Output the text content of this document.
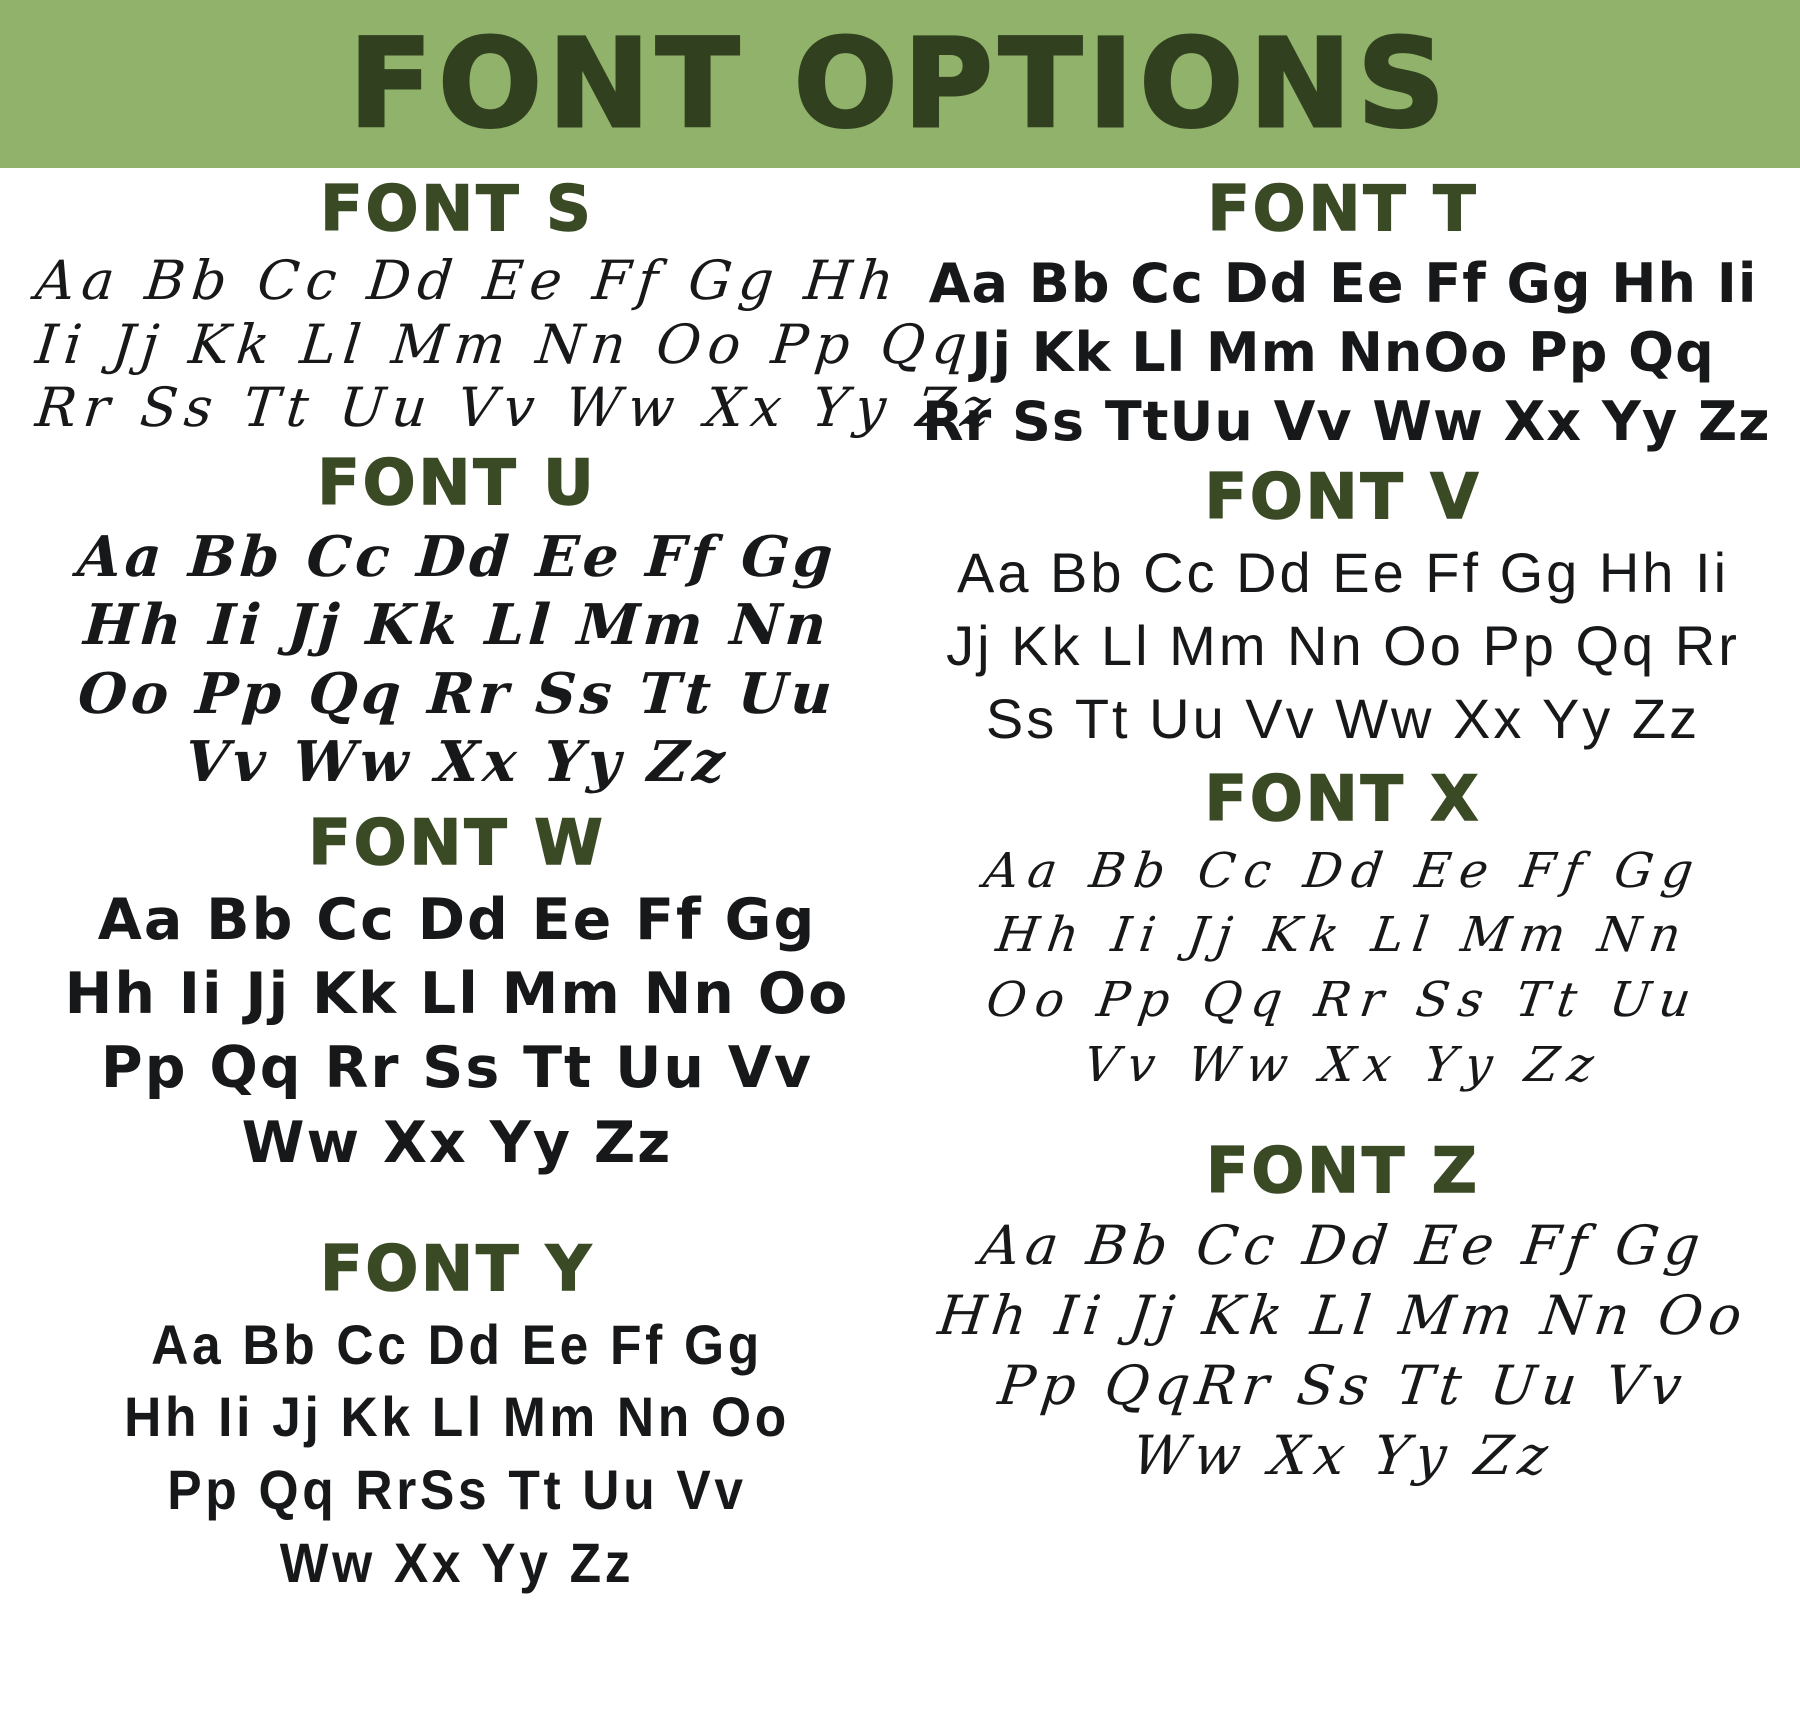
FONT OPTIONS
FONT S
Aa Bb Cc Dd Ee Ff Gg Hh
Ii Jj Kk Ll Mm Nn Oo Pp Qq
Rr Ss Tt Uu Vv Ww Xx Yy Zz
FONT U
Aa Bb Cc Dd Ee Ff Gg
Hh Ii Jj Kk Ll Mm Nn
Oo Pp Qq Rr Ss Tt Uu
Vv Ww Xx Yy Zz
FONT W
Aa Bb Cc Dd Ee Ff Gg
Hh Ii Jj Kk Ll Mm Nn Oo
Pp Qq Rr Ss Tt Uu Vv
Ww Xx Yy Zz
FONT Y
Aa Bb Cc Dd Ee Ff Gg
Hh Ii Jj Kk Ll Mm Nn Oo
Pp Qq RrSs Tt Uu Vv
Ww Xx Yy Zz
FONT T
Aa Bb Cc Dd Ee Ff Gg Hh Ii
Jj Kk Ll Mm NnOo Pp Qq
Rr Ss TtUu Vv Ww Xx Yy Zz
FONT V
Aa Bb Cc Dd Ee Ff Gg Hh Ii
Jj Kk Ll Mm Nn Oo Pp Qq Rr
Ss Tt Uu Vv Ww Xx Yy Zz
FONT X
Aa Bb Cc Dd Ee Ff Gg
Hh Ii Jj Kk Ll Mm Nn
Oo Pp Qq Rr Ss Tt Uu
Vv Ww Xx Yy Zz
FONT Z
Aa Bb Cc Dd Ee Ff Gg
Hh Ii Jj Kk Ll Mm Nn Oo
Pp QqRr Ss Tt Uu Vv
Ww Xx Yy Zz
